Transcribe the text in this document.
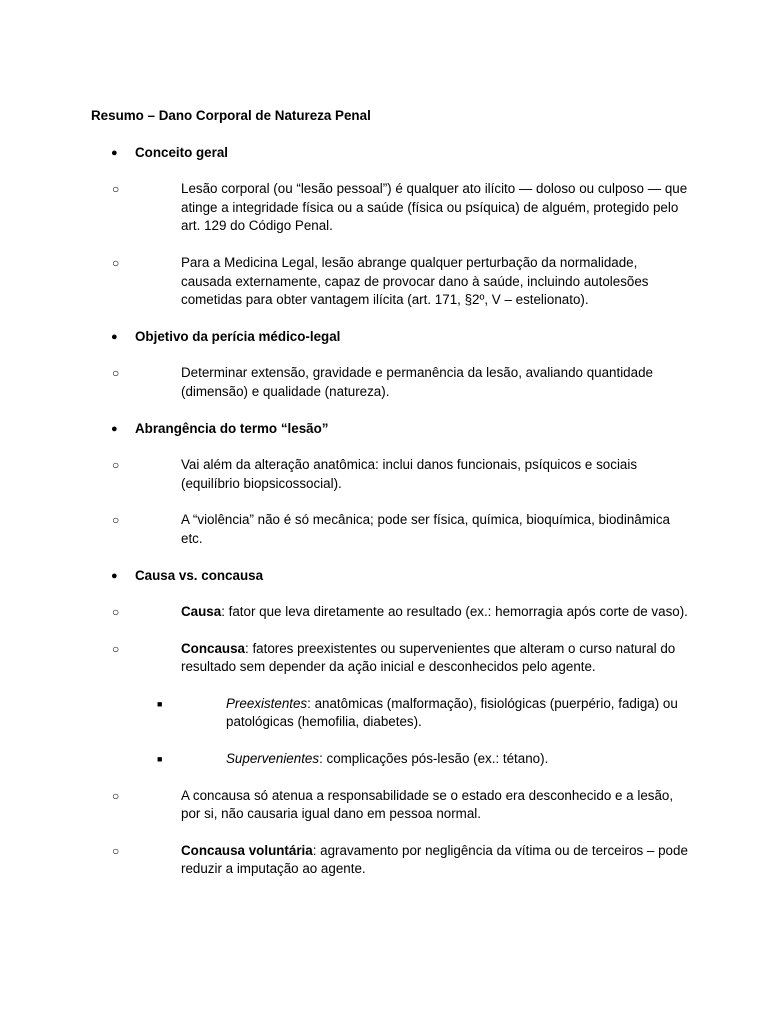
Resumo – Dano Corporal de Natureza Penal
● Conceito geral
○	Lesão corporal (ou “lesão pessoal”) é qualquer ato ilícito — doloso ou culposo — que atinge a integridade física ou a saúde (física ou psíquica) de alguém, protegido pelo art. 129 do Código Penal.
○	Para a Medicina Legal, lesão abrange qualquer perturbação da normalidade, causada externamente, capaz de provocar dano à saúde, incluindo autolesões cometidas para obter vantagem ilícita (art. 171, §2º, V – estelionato).
● Objetivo da perícia médico-legal
○	Determinar extensão, gravidade e permanência da lesão, avaliando quantidade (dimensão) e qualidade (natureza).
● Abrangência do termo “lesão”
○	Vai além da alteração anatômica: inclui danos funcionais, psíquicos e sociais (equilíbrio biopsicossocial).
○	A “violência” não é só mecânica; pode ser física, química, bioquímica, biodinâmica etc.
● Causa vs. concausa
○	Causa: fator que leva diretamente ao resultado (ex.: hemorragia após corte de vaso).
○	Concausa: fatores preexistentes ou supervenientes que alteram o curso natural do resultado sem depender da ação inicial e desconhecidos pelo agente.
■	Preexistentes: anatômicas (malformação), fisiológicas (puerpério, fadiga) ou patológicas (hemofilia, diabetes).
■	Supervenientes: complicações pós-lesão (ex.: tétano).
○	A concausa só atenua a responsabilidade se o estado era desconhecido e a lesão, por si, não causaria igual dano em pessoa normal.
○	Concausa voluntária: agravamento por negligência da vítima ou de terceiros – pode reduzir a imputação ao agente.
